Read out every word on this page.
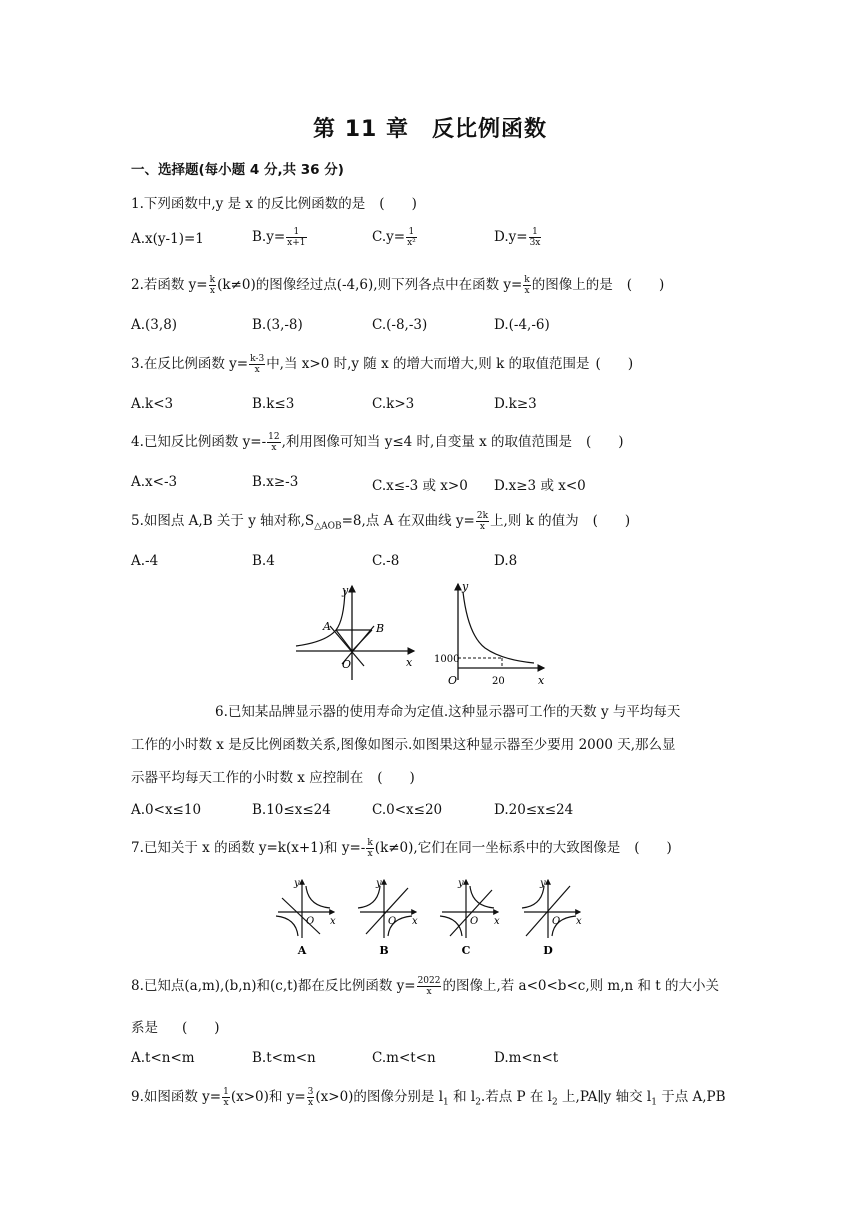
第 11 章　反比例函数
一、选择题(每小题 4 分,共 36 分)
1.下列函数中,y 是 x 的反比例函数的是 (　　)
A.x(y-1)=1	$B.y= \frac{1}{x+1}$	$C.y= \frac{1}{\text{x²}}$	$D.y= \frac{1}{3x}$
2.若函数 $y= \frac{k}{x} (k\ne 0)$的图像经过点(-4,6),则下列各点中在函数 $y= \frac{k}{x}$ 的图像上的是 (　　)
A.(3,8)	B.(3,-8)	C.(-8,-3)	D.(-4,-6)
3.在反比例函数 $y= \frac{k-3}{x}$ 中,当 x>0 时,y 随 x 的增大而增大,则 k 的取值范围是 (　　)
A.k<3	B.k≤3	C.k>3	D.k≥3
4.已知反比例函数 $y=- \frac{12}{x}$ ,利用图像可知当 y≤4 时,自变量 x 的取值范围是 (　　)
A.x<-3	B.x≥-3	C.x≤-3 或 x>0 D.x≥3 或 x<0
5.如图点 A,B 关于 y 轴对称$,S_{\triangle AOB}=8$,点 A 在双曲线 $y= \frac{2k}{x}$ 上,则 k 的值为 (　　)
A.-4	B.4	C.-8	D.8
y
x
A	B
O
y
x
O
1000
20
6.已知某品牌显示器的使用寿命为定值.这种显示器可工作的天数 y 与平均每天
工作的小时数 x 是反比例函数关系,图像如图示.如图果这种显示器至少要用 2000 天,那么显
示器平均每天工作的小时数 x 应控制在 (　　)
A.0<x≤10	B.10≤x≤24	C.0<x≤20	D.20≤x≤24
7.已知关于 x 的函数 y=k(x+1)和 $y=- \frac{k}{x} (k\ne 0)$,它们在同一坐标系中的大致图像是 (　　)
y
x
O
A
y
x
O
B
y
x
O
C
y
x
O
D
8.已知点(a,m),(b,n)和(c,t)都在反比例函数 $y= \frac{2022}{x}$ 的图像上,若 a<0<b<c,则 m,n 和 t 的大小关
系是 (　　)
A.t<n<m	B.t<m<n	C.m<t<n	D.m<n<t
9.如图函数 $y= \frac{1}{x} (x>0)$和 $y= \frac{3}{x} (x>0)$的图像分别是 $l_1$ 和 $l_2$.若点 P 在 $l_2$ 上,PA∥y 轴交 $l_1$ 于点 A,PB
